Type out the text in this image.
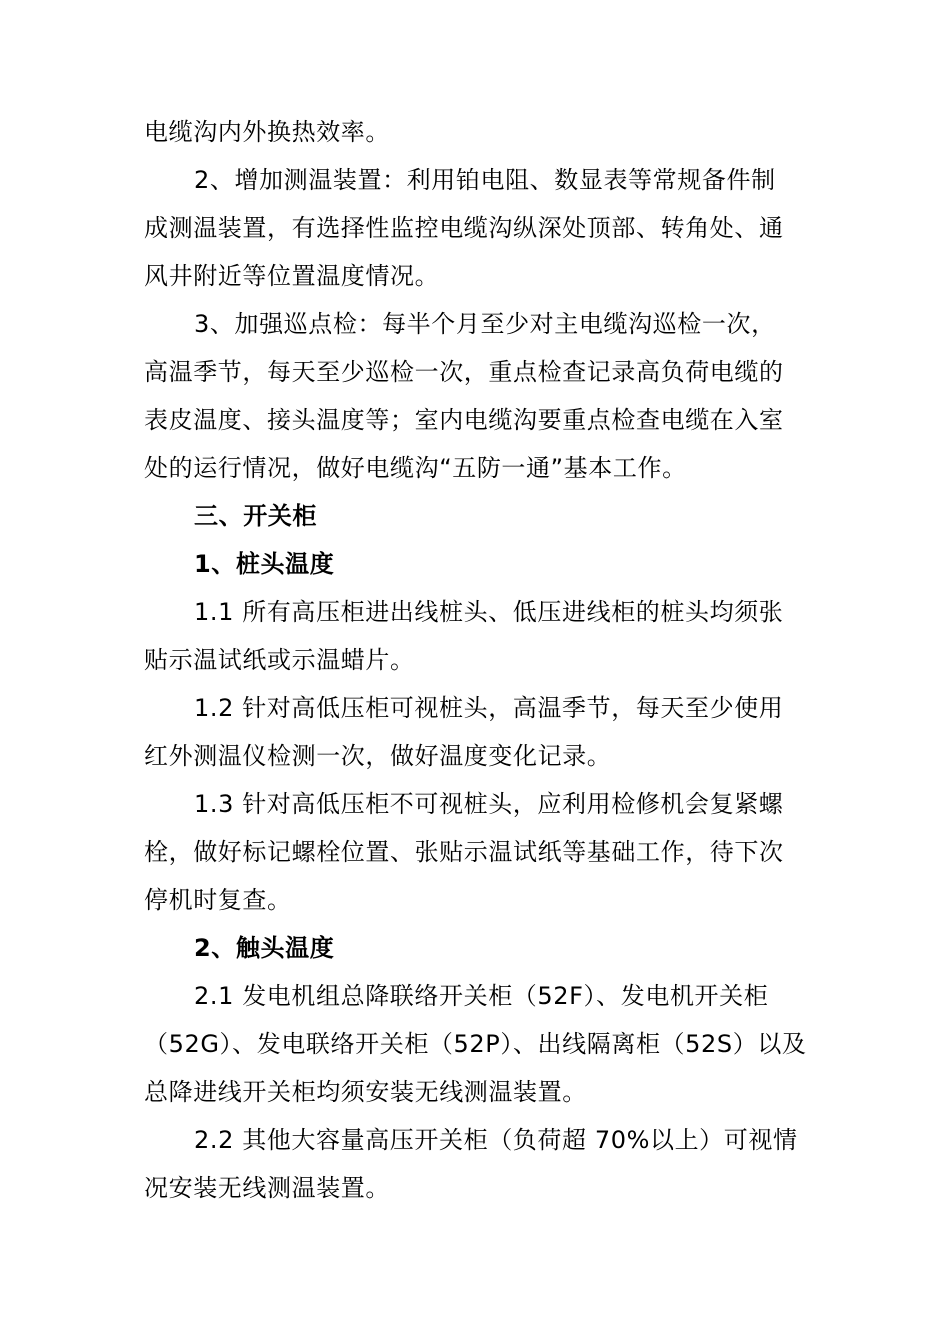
电缆沟内外换热效率。
2、增加测温装置：利用铂电阻、数显表等常规备件制
成测温装置，有选择性监控电缆沟纵深处顶部、转角处、通
风井附近等位置温度情况。
3、加强巡点检：每半个月至少对主电缆沟巡检一次，
高温季节，每天至少巡检一次，重点检查记录高负荷电缆的
表皮温度、接头温度等；室内电缆沟要重点检查电缆在入室
处的运行情况，做好电缆沟“五防一通”基本工作。
三、开关柜
1、桩头温度
1.1 所有高压柜进出线桩头、低压进线柜的桩头均须张
贴示温试纸或示温蜡片。
1.2 针对高低压柜可视桩头，高温季节，每天至少使用
红外测温仪检测一次，做好温度变化记录。
1.3 针对高低压柜不可视桩头，应利用检修机会复紧螺
栓，做好标记螺栓位置、张贴示温试纸等基础工作，待下次
停机时复查。
2、触头温度
2.1 发电机组总降联络开关柜（52F）、发电机开关柜
（52G）、发电联络开关柜（52P）、出线隔离柜（52S）以及
总降进线开关柜均须安装无线测温装置。
2.2 其他大容量高压开关柜（负荷超 70%以上）可视情
况安装无线测温装置。
